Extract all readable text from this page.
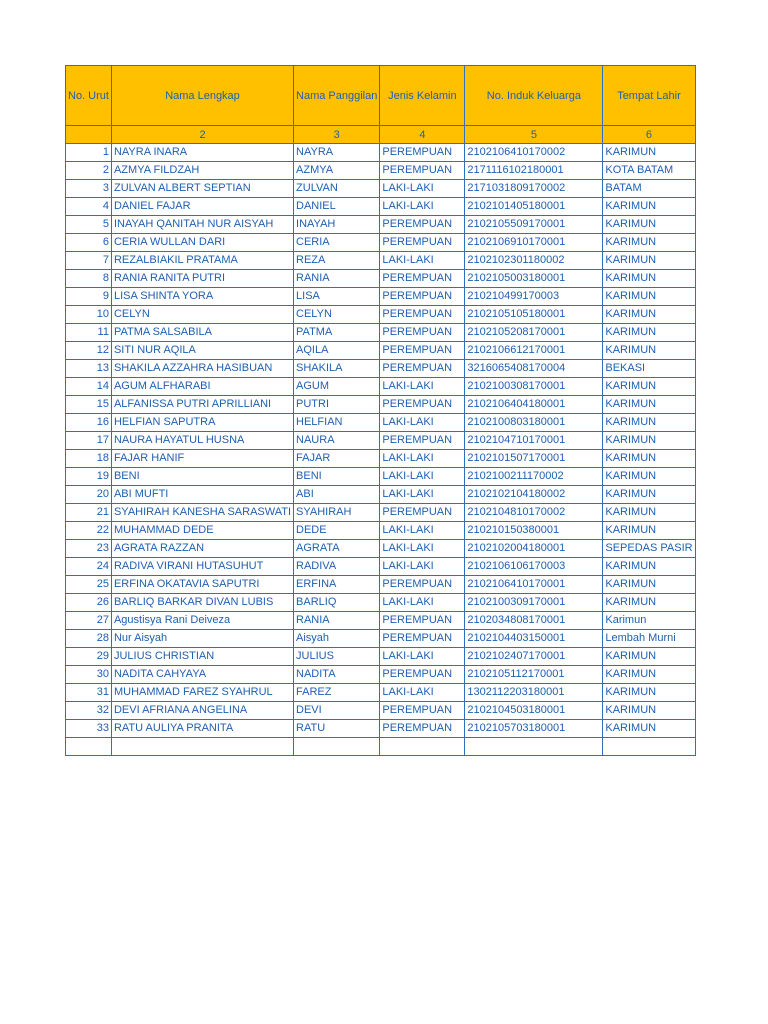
No. Urut	Nama Lengkap	Nama Panggilan	Jenis Kelamin	No. Induk Keluarga	Tempat Lahir
	2	3	4	5	6
1	NAYRA INARA	NAYRA	PEREMPUAN	2102106410170002	KARIMUN
2	AZMYA FILDZAH	AZMYA	PEREMPUAN	2171116102180001	KOTA BATAM
3	ZULVAN ALBERT SEPTIAN	ZULVAN	LAKI-LAKI	2171031809170002	BATAM
4	DANIEL FAJAR	DANIEL	LAKI-LAKI	2102101405180001	KARIMUN
5	INAYAH QANITAH NUR AISYAH	INAYAH	PEREMPUAN	2102105509170001	KARIMUN
6	CERIA WULLAN DARI	CERIA	PEREMPUAN	2102106910170001	KARIMUN
7	REZALBIAKIL PRATAMA	REZA	LAKI-LAKI	2102102301180002	KARIMUN
8	RANIA RANITA PUTRI	RANIA	PEREMPUAN	2102105003180001	KARIMUN
9	LISA SHINTA YORA	LISA	PEREMPUAN	210210499170003	KARIMUN
10	CELYN	CELYN	PEREMPUAN	2102105105180001	KARIMUN
11	PATMA SALSABILA	PATMA	PEREMPUAN	2102105208170001	KARIMUN
12	SITI NUR AQILA	AQILA	PEREMPUAN	2102106612170001	KARIMUN
13	SHAKILA AZZAHRA HASIBUAN	SHAKILA	PEREMPUAN	3216065408170004	BEKASI
14	AGUM ALFHARABI	AGUM	LAKI-LAKI	2102100308170001	KARIMUN
15	ALFANISSA PUTRI APRILLIANI	PUTRI	PEREMPUAN	2102106404180001	KARIMUN
16	HELFIAN SAPUTRA	HELFIAN	LAKI-LAKI	2102100803180001	KARIMUN
17	NAURA HAYATUL HUSNA	NAURA	PEREMPUAN	2102104710170001	KARIMUN
18	FAJAR HANIF	FAJAR	LAKI-LAKI	2102101507170001	KARIMUN
19	BENI	BENI	LAKI-LAKI	2102100211170002	KARIMUN
20	ABI MUFTI	ABI	LAKI-LAKI	2102102104180002	KARIMUN
21	SYAHIRAH KANESHA SARASWATI	SYAHIRAH	PEREMPUAN	2102104810170002	KARIMUN
22	MUHAMMAD DEDE	DEDE	LAKI-LAKI	210210150380001	KARIMUN
23	AGRATA RAZZAN	AGRATA	LAKI-LAKI	2102102004180001	SEPEDAS PASIR
24	RADIVA VIRANI HUTASUHUT	RADIVA	LAKI-LAKI	2102106106170003	KARIMUN
25	ERFINA OKATAVIA SAPUTRI	ERFINA	PEREMPUAN	2102106410170001	KARIMUN
26	BARLIQ BARKAR DIVAN LUBIS	BARLIQ	LAKI-LAKI	2102100309170001	KARIMUN
27	Agustisya Rani Deiveza	RANIA	PEREMPUAN	2102034808170001	Karimun
28	Nur Aisyah	Aisyah	PEREMPUAN	2102104403150001	Lembah Murni
29	JULIUS CHRISTIAN	JULIUS	LAKI-LAKI	2102102407170001	KARIMUN
30	NADITA CAHYAYA	NADITA	PEREMPUAN	2102105112170001	KARIMUN
31	MUHAMMAD FAREZ SYAHRUL	FAREZ	LAKI-LAKI	1302112203180001	KARIMUN
32	DEVI AFRIANA ANGELINA	DEVI	PEREMPUAN	2102104503180001	KARIMUN
33	RATU AULIYA PRANITA	RATU	PEREMPUAN	2102105703180001	KARIMUN
